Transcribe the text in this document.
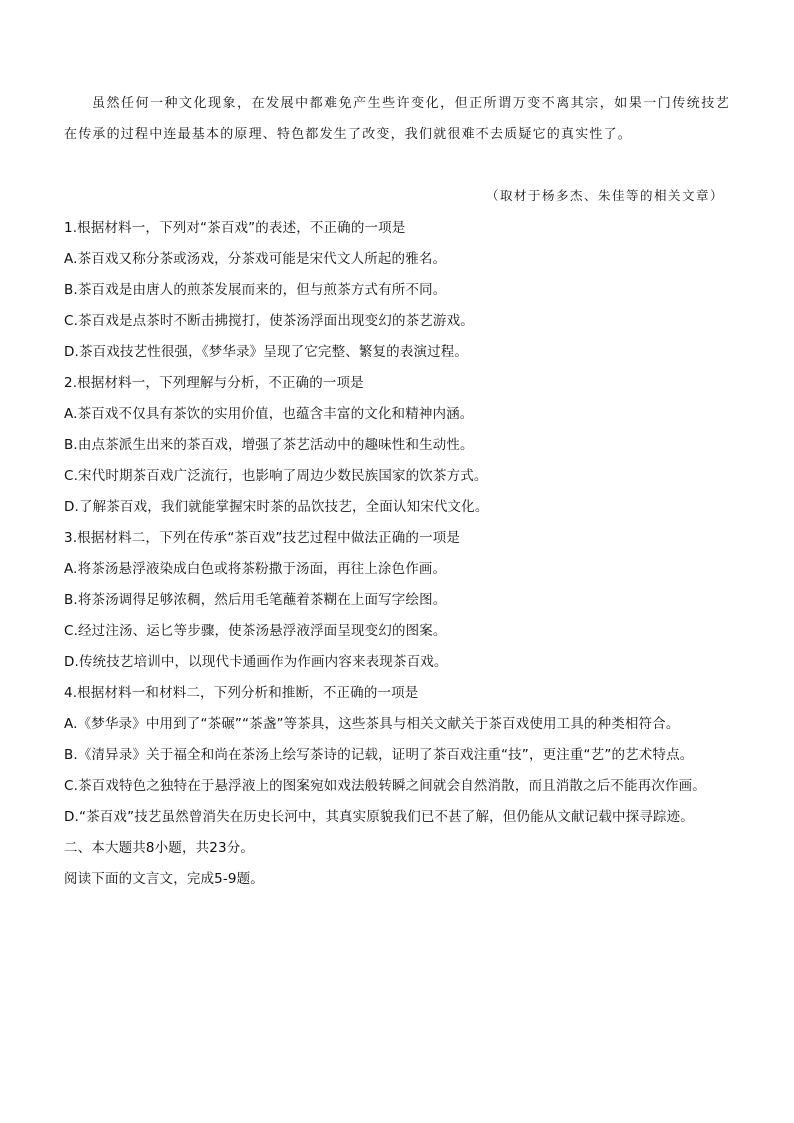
虽然任何一种文化现象，在发展中都难免产生些许变化，但正所谓万变不离其宗，如果一门传统技艺在传承的过程中连最基本的原理、特色都发生了改变，我们就很难不去质疑它的真实性了。

（取材于杨多杰、朱佳等的相关文章）

1.根据材料一，下列对“茶百戏”的表述，不正确的一项是

A.茶百戏又称分茶或汤戏，分茶戏可能是宋代文人所起的雅名。

B.茶百戏是由唐人的煎茶发展而来的，但与煎茶方式有所不同。

C.茶百戏是点茶时不断击拂搅打，使茶汤浮面出现变幻的茶艺游戏。

D.茶百戏技艺性很强，《梦华录》呈现了它完整、繁复的表演过程。

2.根据材料一，下列理解与分析，不正确的一项是

A.茶百戏不仅具有茶饮的实用价值，也蕴含丰富的文化和精神内涵。

B.由点茶派生出来的茶百戏，增强了茶艺活动中的趣味性和生动性。

C.宋代时期茶百戏广泛流行，也影响了周边少数民族国家的饮茶方式。

D.了解茶百戏，我们就能掌握宋时茶的品饮技艺，全面认知宋代文化。

3.根据材料二，下列在传承“茶百戏”技艺过程中做法正确的一项是

A.将茶汤悬浮液染成白色或将茶粉撒于汤面，再往上涂色作画。

B.将茶汤调得足够浓稠，然后用毛笔蘸着茶糊在上面写字绘图。

C.经过注汤、运匕等步骤，使茶汤悬浮液浮面呈现变幻的图案。

D.传统技艺培训中，以现代卡通画作为作画内容来表现茶百戏。

4.根据材料一和材料二，下列分析和推断，不正确的一项是

A.《梦华录》中用到了“茶碾”“茶盏”等茶具，这些茶具与相关文献关于茶百戏使用工具的种类相符合。

B.《清异录》关于福全和尚在茶汤上绘写茶诗的记载，证明了茶百戏注重“技”，更注重“艺”的艺术特点。

C.茶百戏特色之独特在于悬浮液上的图案宛如戏法般转瞬之间就会自然消散，而且消散之后不能再次作画。

D.“茶百戏”技艺虽然曾消失在历史长河中，其真实原貌我们已不甚了解，但仍能从文献记载中探寻踪迹。

二、本大题共8小题，共23分。

阅读下面的文言文，完成5-9题。
